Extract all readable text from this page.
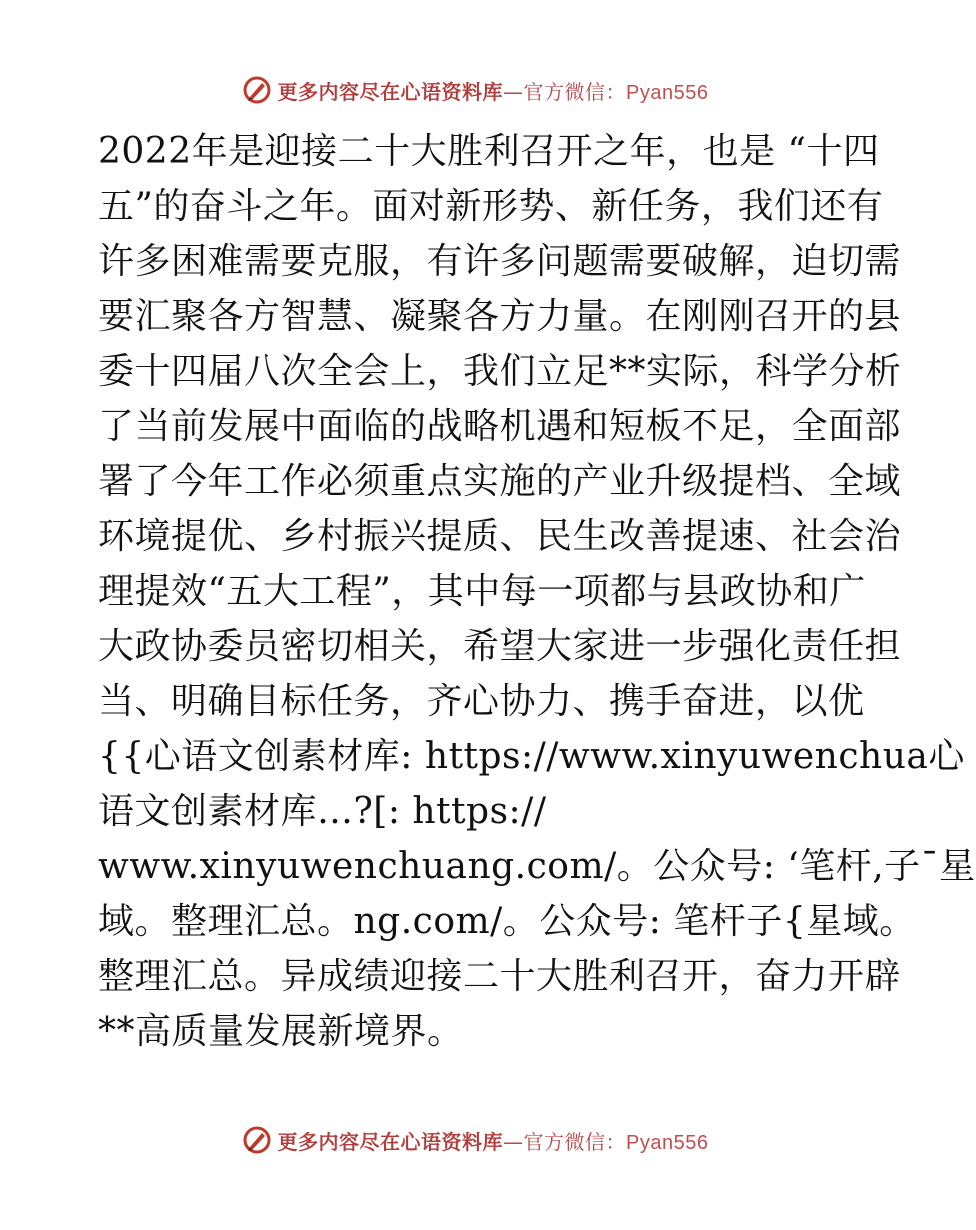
更多内容尽在心语资料库—官方微信：Pyan556
2022年是迎接二十大胜利召开之年，也是 “十四
五”的奋斗之年。面对新形势、新任务，我们还有
许多困难需要克服，有许多问题需要破解，迫切需
要汇聚各方智慧、凝聚各方力量。在刚刚召开的县
委十四届八次全会上，我们立足**实际，科学分析
了当前发展中面临的战略机遇和短板不足，全面部
署了今年工作必须重点实施的产业升级提档、全域
环境提优、乡村振兴提质、民生改善提速、社会治
理提效“五大工程”，其中每一项都与县政协和广
大政协委员密切相关，希望大家进一步强化责任担
当、明确目标任务，齐心协力、携手奋进，以优
{{心语文创素材库: https://www.xinyuwenchua心
语文创素材库…?[: https://
www.xinyuwenchuang.com/。公众号: ‘笔杆,子¯星
域。整理汇总。ng.com/。公众号: 笔杆子{星域。
整理汇总。异成绩迎接二十大胜利召开，奋力开辟
**高质量发展新境界。
更多内容尽在心语资料库—官方微信：Pyan556
